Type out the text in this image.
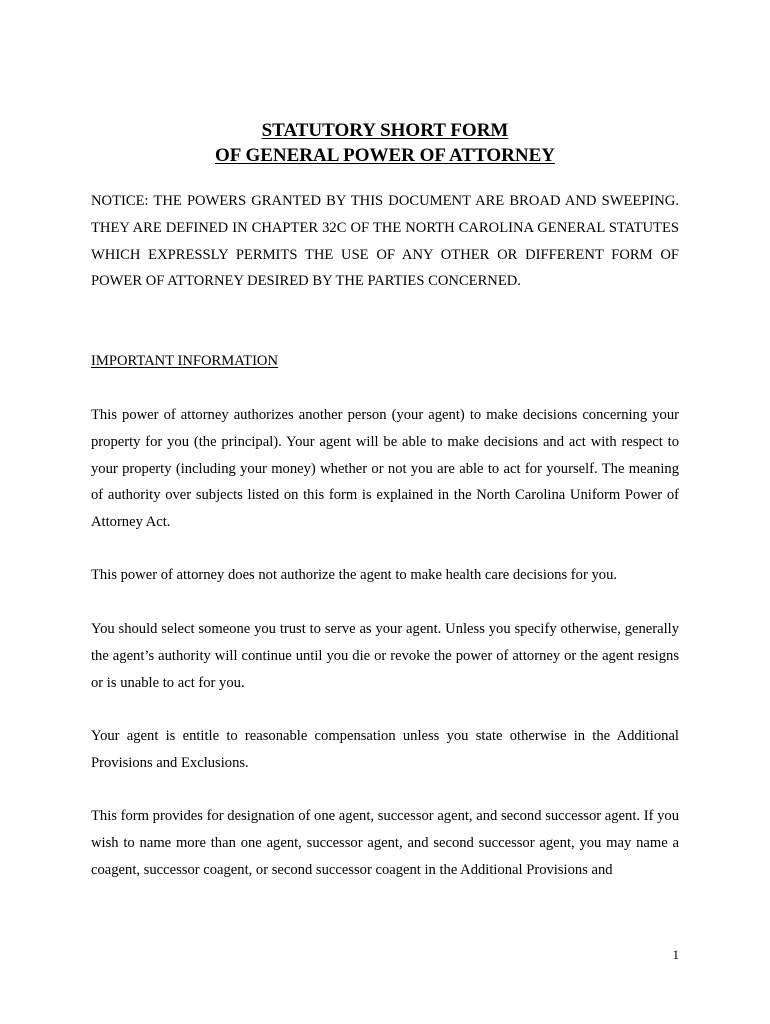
STATUTORY SHORT FORM
OF GENERAL POWER OF ATTORNEY
NOTICE: THE POWERS GRANTED BY THIS DOCUMENT ARE BROAD AND SWEEPING. THEY ARE DEFINED IN CHAPTER 32C OF THE NORTH CAROLINA GENERAL STATUTES WHICH EXPRESSLY PERMITS THE USE OF ANY OTHER OR DIFFERENT FORM OF POWER OF ATTORNEY DESIRED BY THE PARTIES CONCERNED.
IMPORTANT INFORMATION
This power of attorney authorizes another person (your agent) to make decisions concerning your property for you (the principal). Your agent will be able to make decisions and act with respect to your property (including your money) whether or not you are able to act for yourself. The meaning of authority over subjects listed on this form is explained in the North Carolina Uniform Power of Attorney Act.
This power of attorney does not authorize the agent to make health care decisions for you.
You should select someone you trust to serve as your agent. Unless you specify otherwise, generally the agent’s authority will continue until you die or revoke the power of attorney or the agent resigns or is unable to act for you.
Your agent is entitle to reasonable compensation unless you state otherwise in the Additional Provisions and Exclusions.
This form provides for designation of one agent, successor agent, and second successor agent. If you wish to name more than one agent, successor agent, and second successor agent, you may name a coagent, successor coagent, or second successor coagent in the Additional Provisions and
1
